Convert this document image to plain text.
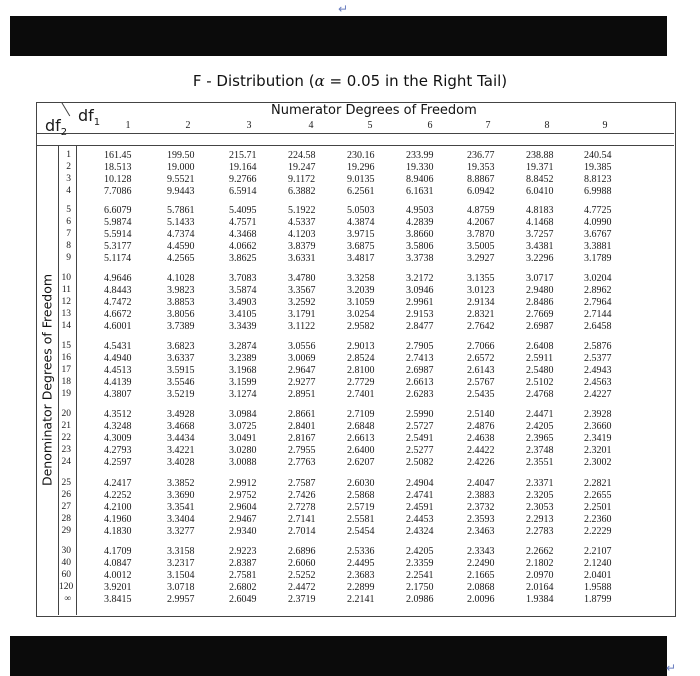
↵
F - Distribution (α = 0.05 in the Right Tail)
Numerator Degrees of Freedom
$df_1$
$df_2$
Denominator Degrees of Freedom
1	2	3	4	5	6	7	8	9
1	161.45	199.50	215.71	224.58	230.16	233.99	236.77	238.88	240.54
2	18.513	19.000	19.164	19.247	19.296	19.330	19.353	19.371	19.385
3	10.128	9.5521	9.2766	9.1172	9.0135	8.9406	8.8867	8.8452	8.8123
4	7.7086	9.9443	6.5914	6.3882	6.2561	6.1631	6.0942	6.0410	6.9988
5	6.6079	5.7861	5.4095	5.1922	5.0503	4.9503	4.8759	4.8183	4.7725
6	5.9874	5.1433	4.7571	4.5337	4.3874	4.2839	4.2067	4.1468	4.0990
7	5.5914	4.7374	4.3468	4.1203	3.9715	3.8660	3.7870	3.7257	3.6767
8	5.3177	4.4590	4.0662	3.8379	3.6875	3.5806	3.5005	3.4381	3.3881
9	5.1174	4.2565	3.8625	3.6331	3.4817	3.3738	3.2927	3.2296	3.1789
10	4.9646	4.1028	3.7083	3.4780	3.3258	3.2172	3.1355	3.0717	3.0204
11	4.8443	3.9823	3.5874	3.3567	3.2039	3.0946	3.0123	2.9480	2.8962
12	4.7472	3.8853	3.4903	3.2592	3.1059	2.9961	2.9134	2.8486	2.7964
13	4.6672	3.8056	3.4105	3.1791	3.0254	2.9153	2.8321	2.7669	2.7144
14	4.6001	3.7389	3.3439	3.1122	2.9582	2.8477	2.7642	2.6987	2.6458
15	4.5431	3.6823	3.2874	3.0556	2.9013	2.7905	2.7066	2.6408	2.5876
16	4.4940	3.6337	3.2389	3.0069	2.8524	2.7413	2.6572	2.5911	2.5377
17	4.4513	3.5915	3.1968	2.9647	2.8100	2.6987	2.6143	2.5480	2.4943
18	4.4139	3.5546	3.1599	2.9277	2.7729	2.6613	2.5767	2.5102	2.4563
19	4.3807	3.5219	3.1274	2.8951	2.7401	2.6283	2.5435	2.4768	2.4227
20	4.3512	3.4928	3.0984	2.8661	2.7109	2.5990	2.5140	2.4471	2.3928
21	4.3248	3.4668	3.0725	2.8401	2.6848	2.5727	2.4876	2.4205	2.3660
22	4.3009	3.4434	3.0491	2.8167	2.6613	2.5491	2.4638	2.3965	2.3419
23	4.2793	3.4221	3.0280	2.7955	2.6400	2.5277	2.4422	2.3748	2.3201
24	4.2597	3.4028	3.0088	2.7763	2.6207	2.5082	2.4226	2.3551	2.3002
25	4.2417	3.3852	2.9912	2.7587	2.6030	2.4904	2.4047	2.3371	2.2821
26	4.2252	3.3690	2.9752	2.7426	2.5868	2.4741	2.3883	2.3205	2.2655
27	4.2100	3.3541	2.9604	2.7278	2.5719	2.4591	2.3732	2.3053	2.2501
28	4.1960	3.3404	2.9467	2.7141	2.5581	2.4453	2.3593	2.2913	2.2360
29	4.1830	3.3277	2.9340	2.7014	2.5454	2.4324	2.3463	2.2783	2.2229
30	4.1709	3.3158	2.9223	2.6896	2.5336	2.4205	2.3343	2.2662	2.2107
40	4.0847	3.2317	2.8387	2.6060	2.4495	2.3359	2.2490	2.1802	2.1240
60	4.0012	3.1504	2.7581	2.5252	2.3683	2.2541	2.1665	2.0970	2.0401
120	3.9201	3.0718	2.6802	2.4472	2.2899	2.1750	2.0868	2.0164	1.9588
∞	3.8415	2.9957	2.6049	2.3719	2.2141	2.0986	2.0096	1.9384	1.8799
↵
